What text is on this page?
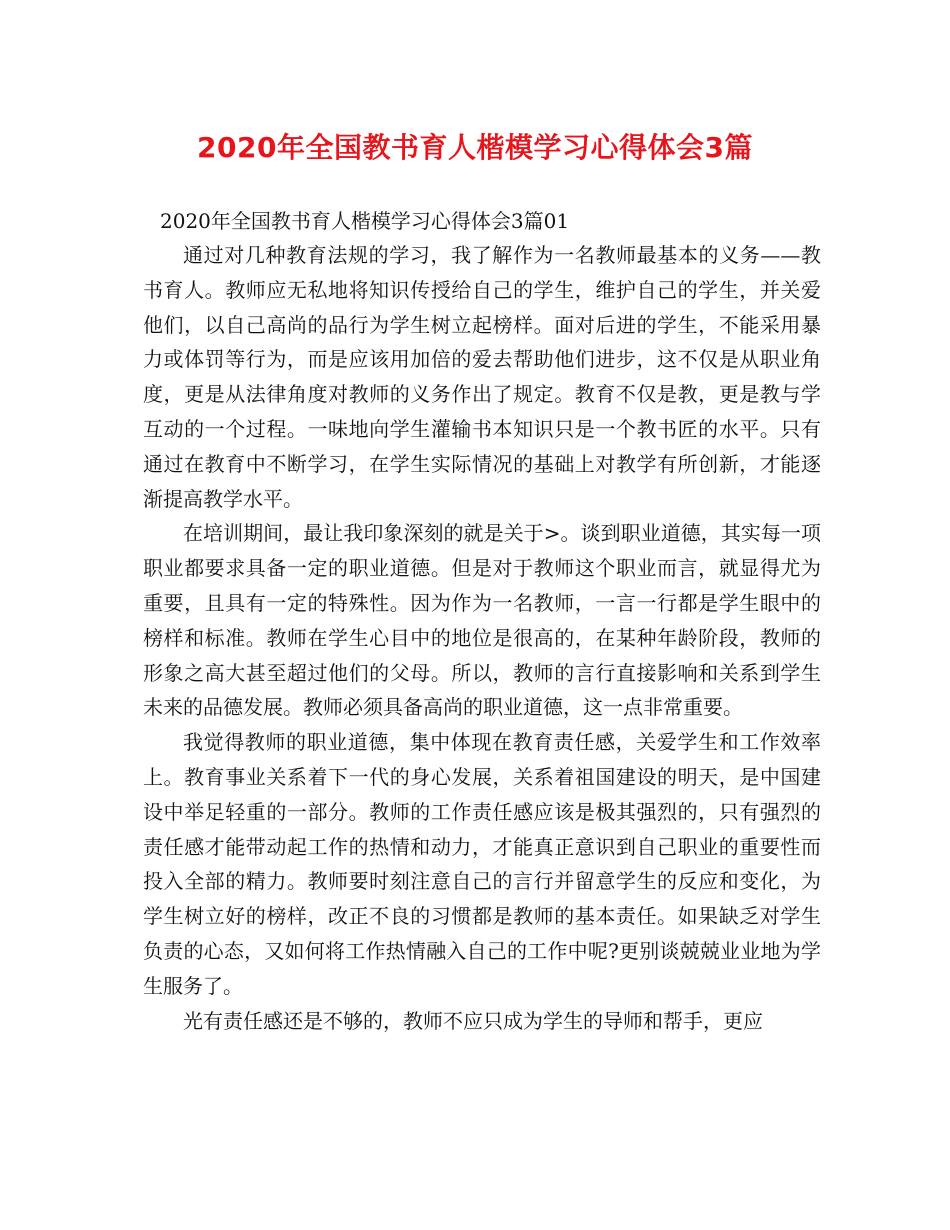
2020年全国教书育人楷模学习心得体会3篇

2020年全国教书育人楷模学习心得体会3篇01

通过对几种教育法规的学习，我了解作为一名教师最基本的义务——教书育人。教师应无私地将知识传授给自己的学生，维护自己的学生，并关爱他们，以自己高尚的品行为学生树立起榜样。面对后进的学生，不能采用暴力或体罚等行为，而是应该用加倍的爱去帮助他们进步，这不仅是从职业角度，更是从法律角度对教师的义务作出了规定。教育不仅是教，更是教与学互动的一个过程。一味地向学生灌输书本知识只是一个教书匠的水平。只有通过在教育中不断学习，在学生实际情况的基础上对教学有所创新，才能逐渐提高教学水平。

在培训期间，最让我印象深刻的就是关于>。谈到职业道德，其实每一项职业都要求具备一定的职业道德。但是对于教师这个职业而言，就显得尤为重要，且具有一定的特殊性。因为作为一名教师，一言一行都是学生眼中的榜样和标准。教师在学生心目中的地位是很高的，在某种年龄阶段，教师的形象之高大甚至超过他们的父母。所以，教师的言行直接影响和关系到学生未来的品德发展。教师必须具备高尚的职业道德，这一点非常重要。

我觉得教师的职业道德，集中体现在教育责任感，关爱学生和工作效率上。教育事业关系着下一代的身心发展，关系着祖国建设的明天，是中国建设中举足轻重的一部分。教师的工作责任感应该是极其强烈的，只有强烈的责任感才能带动起工作的热情和动力，才能真正意识到自己职业的重要性而投入全部的精力。教师要时刻注意自己的言行并留意学生的反应和变化，为学生树立好的榜样，改正不良的习惯都是教师的基本责任。如果缺乏对学生负责的心态，又如何将工作热情融入自己的工作中呢?更别谈兢兢业业地为学生服务了。

光有责任感还是不够的，教师不应只成为学生的导师和帮手，更应
